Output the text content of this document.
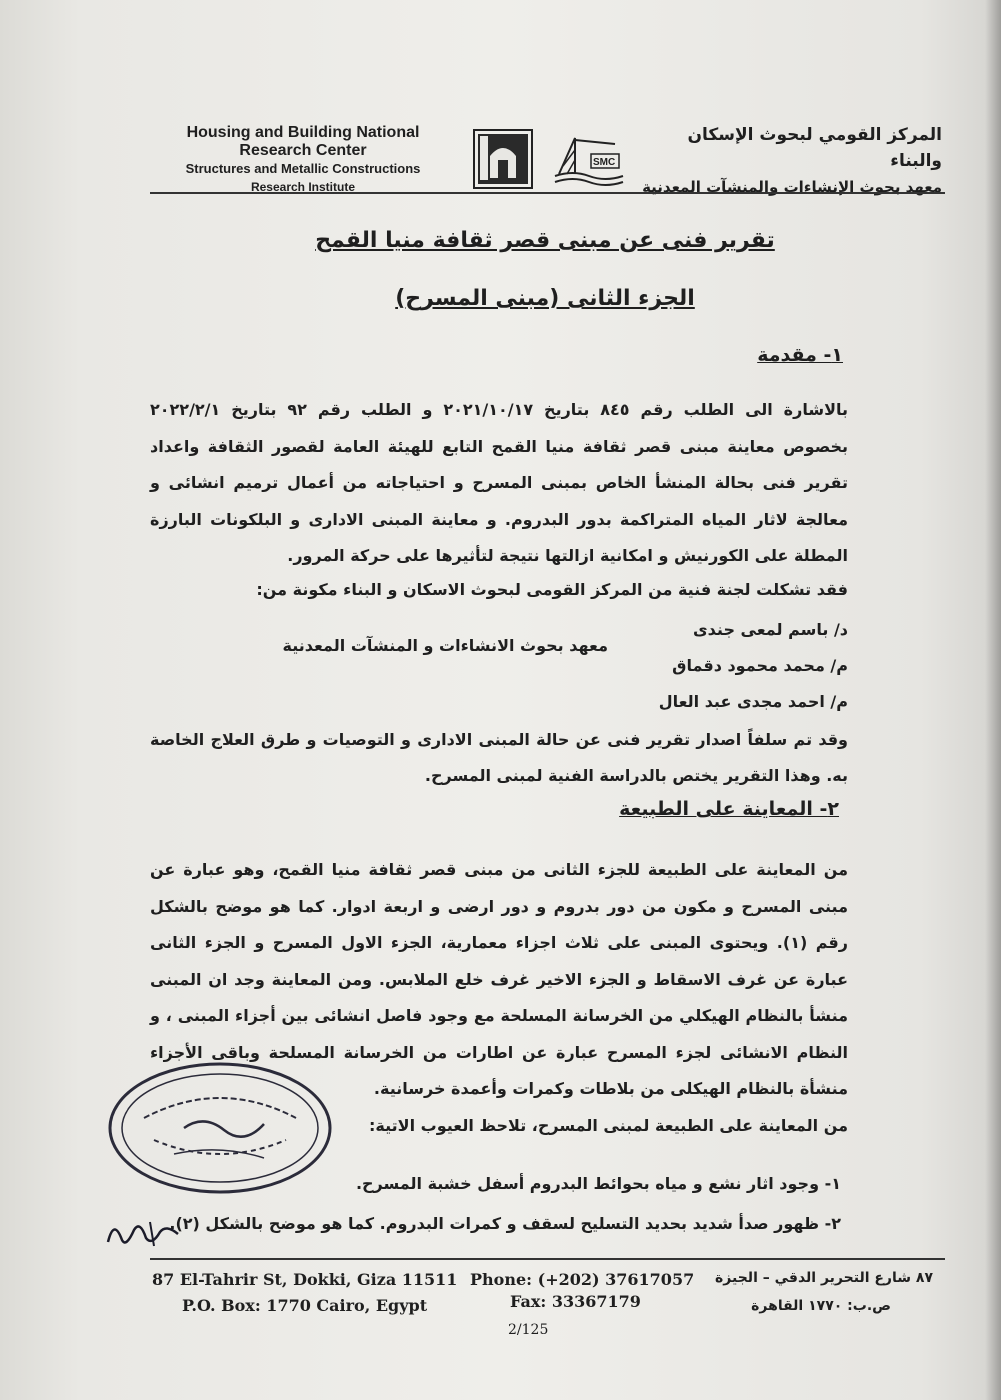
Housing and Building National
Research Center
Structures and Metallic Constructions
Research Institute
SMC
المركز القومي لبحوث الإسكان والبناء
معهد بحوث الإنشاءات والمنشآت المعدنية
تقرير فنى عن مبنى قصر ثقافة منيا القمح
الجزء الثانى (مبنى المسرح)
١- مقدمة
بالاشارة الى الطلب رقم ٨٤٥ بتاريخ ٢٠٢١/١٠/١٧ و الطلب رقم ٩٢ بتاريخ ٢٠٢٢/٢/١ بخصوص معاينة مبنى قصر ثقافة منيا القمح التابع للهيئة العامة لقصور الثقافة واعداد تقرير فنى بحالة المنشأ الخاص بمبنى المسرح و احتياجاته من أعمال ترميم انشائى و معالجة لاثار المياه المتراكمة بدور البدروم. و معاينة المبنى الادارى و البلكونات البارزة المطلة على الكورنيش و امكانية ازالتها نتيجة لتأثيرها على حركة المرور.
فقد تشكلت لجنة فنية من المركز القومى لبحوث الاسكان و البناء مكونة من:
د/ باسم لمعى جندى
معهد بحوث الانشاءات و المنشآت المعدنية
م/ محمد محمود دقماق
م/ احمد مجدى عبد العال
وقد تم سلفاً اصدار تقرير فنى عن حالة المبنى الادارى و التوصيات و طرق العلاج الخاصة به. وهذا التقرير يختص بالدراسة الفنية لمبنى المسرح.
٢- المعاينة على الطبيعة
من المعاينة على الطبيعة للجزء الثانى من مبنى قصر ثقافة منيا القمح، وهو عبارة عن مبنى المسرح و مكون من دور بدروم و دور ارضى و اربعة ادوار. كما هو موضح بالشكل رقم (١). ويحتوى المبنى على ثلاث اجزاء معمارية، الجزء الاول المسرح و الجزء الثانى عبارة عن غرف الاسقاط و الجزء الاخير غرف خلع الملابس. ومن المعاينة وجد ان المبنى منشأ بالنظام الهيكلي من الخرسانة المسلحة مع وجود فاصل انشائى بين أجزاء المبنى ، و النظام الانشائى لجزء المسرح عبارة عن اطارات من الخرسانة المسلحة وباقى الأجزاء منشأة بالنظام الهيكلى من بلاطات وكمرات وأعمدة خرسانية.
من المعاينة على الطبيعة لمبنى المسرح، تلاحظ العيوب الاتية:
١- وجود اثار نشع و مياه بحوائط البدروم أسفل خشبة المسرح.
٢- ظهور صدأ شديد بحديد التسليح لسقف و كمرات البدروم. كما هو موضح بالشكل (٢).
87 El-Tahrir St, Dokki, Giza 11511
P.O. Box: 1770 Cairo, Egypt
Phone: (+202) 37617057
Fax: 33367179
٨٧ شارع التحرير الدقي – الجيزة
ص.ب: ١٧٧٠ القاهرة
2/125
